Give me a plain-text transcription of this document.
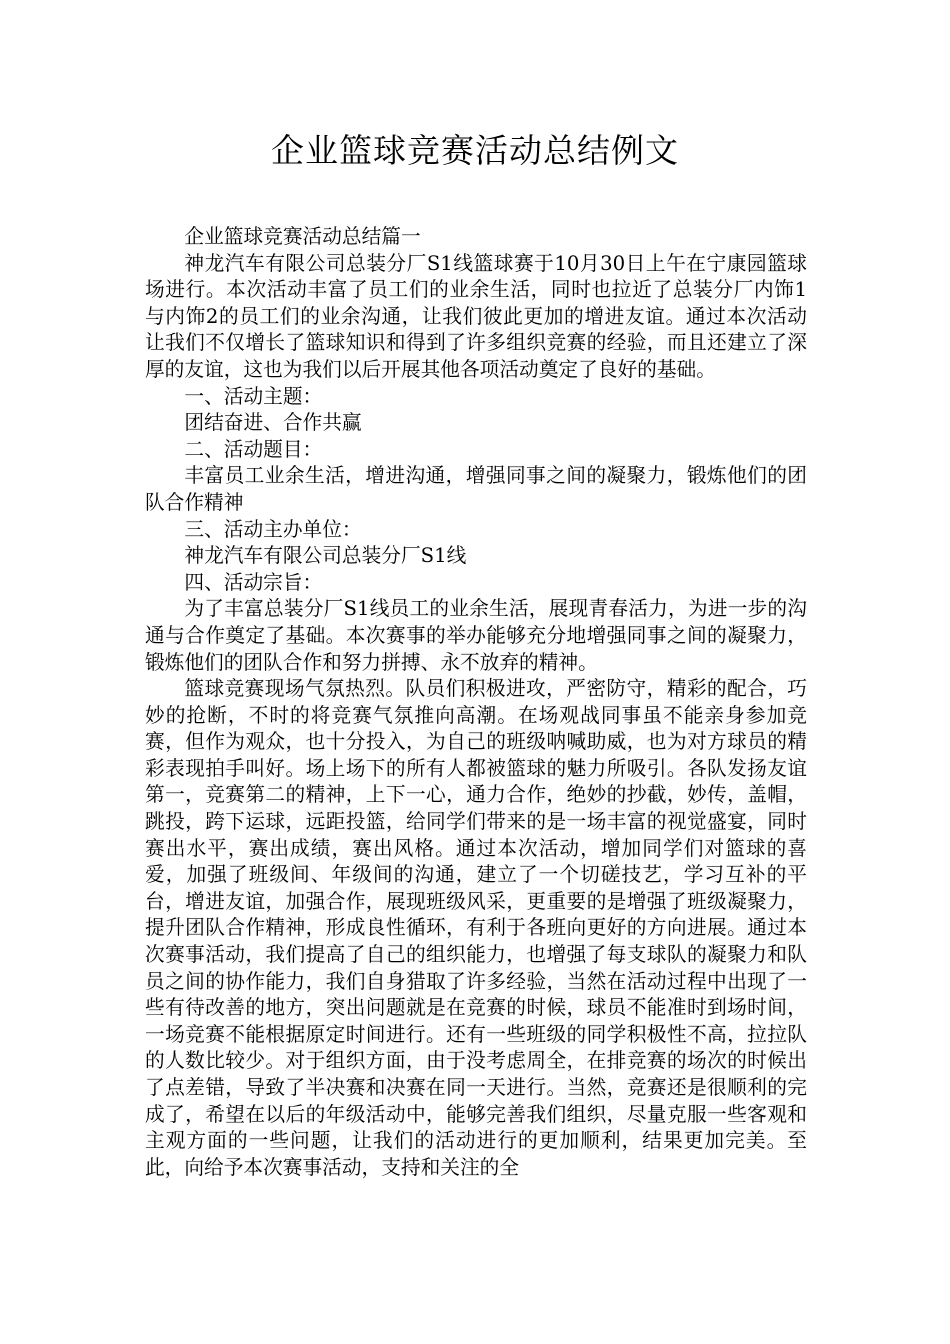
企业篮球竞赛活动总结例文

企业篮球竞赛活动总结篇一

神龙汽车有限公司总装分厂S1线篮球赛于10月30日上午在宁康园篮球场进行。本次活动丰富了员工们的业余生活，同时也拉近了总装分厂内饰1与内饰2的员工们的业余沟通，让我们彼此更加的增进友谊。通过本次活动让我们不仅增长了篮球知识和得到了许多组织竞赛的经验，而且还建立了深厚的友谊，这也为我们以后开展其他各项活动奠定了良好的基础。

一、活动主题：

团结奋进、合作共赢

二、活动题目：

丰富员工业余生活，增进沟通，增强同事之间的凝聚力，锻炼他们的团队合作精神

三、活动主办单位：

神龙汽车有限公司总装分厂S1线

四、活动宗旨：

为了丰富总装分厂S1线员工的业余生活，展现青春活力，为进一步的沟通与合作奠定了基础。本次赛事的举办能够充分地增强同事之间的凝聚力，锻炼他们的团队合作和努力拼搏、永不放弃的精神。

篮球竞赛现场气氛热烈。队员们积极进攻，严密防守，精彩的配合，巧妙的抢断，不时的将竞赛气氛推向高潮。在场观战同事虽不能亲身参加竞赛，但作为观众，也十分投入，为自己的班级呐喊助威，也为对方球员的精彩表现拍手叫好。场上场下的所有人都被篮球的魅力所吸引。各队发扬友谊第一，竞赛第二的精神，上下一心，通力合作，绝妙的抄截，妙传，盖帽，跳投，跨下运球，远距投篮，给同学们带来的是一场丰富的视觉盛宴，同时赛出水平，赛出成绩，赛出风格。通过本次活动，增加同学们对篮球的喜爱，加强了班级间、年级间的沟通，建立了一个切磋技艺，学习互补的平台，增进友谊，加强合作，展现班级风采，更重要的是增强了班级凝聚力，提升团队合作精神，形成良性循环，有利于各班向更好的方向进展。通过本次赛事活动，我们提高了自己的组织能力，也增强了每支球队的凝聚力和队员之间的协作能力，我们自身猎取了许多经验，当然在活动过程中出现了一些有待改善的地方，突出问题就是在竞赛的时候，球员不能准时到场时间，一场竞赛不能根据原定时间进行。还有一些班级的同学积极性不高，拉拉队的人数比较少。对于组织方面，由于没考虑周全，在排竞赛的场次的时候出了点差错，导致了半决赛和决赛在同一天进行。当然，竞赛还是很顺利的完成了，希望在以后的年级活动中，能够完善我们组织，尽量克服一些客观和主观方面的一些问题，让我们的活动进行的更加顺利，结果更加完美。至此，向给予本次赛事活动，支持和关注的全
